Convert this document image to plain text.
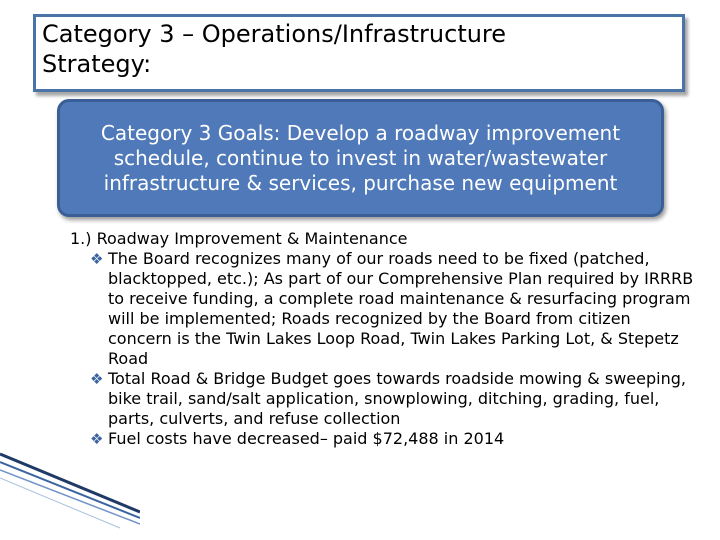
Category 3 – Operations/Infrastructure

Strategy:

Category 3 Goals: Develop a roadway improvement schedule, continue to invest in water/wastewater infrastructure & services, purchase new equipment

1.) Roadway Improvement & Maintenance

❖ The Board recognizes many of our roads need to be fixed (patched, blacktopped, etc.); As part of our Comprehensive Plan required by IRRRB to receive funding, a complete road maintenance & resurfacing program will be implemented; Roads recognized by the Board from citizen concern is the Twin Lakes Loop Road, Twin Lakes Parking Lot, & Stepetz Road
❖ Total Road & Bridge Budget goes towards roadside mowing & sweeping, bike trail, sand/salt application, snowplowing, ditching, grading, fuel, parts, culverts, and refuse collection
❖ Fuel costs have decreased– paid $72,488 in 2014
